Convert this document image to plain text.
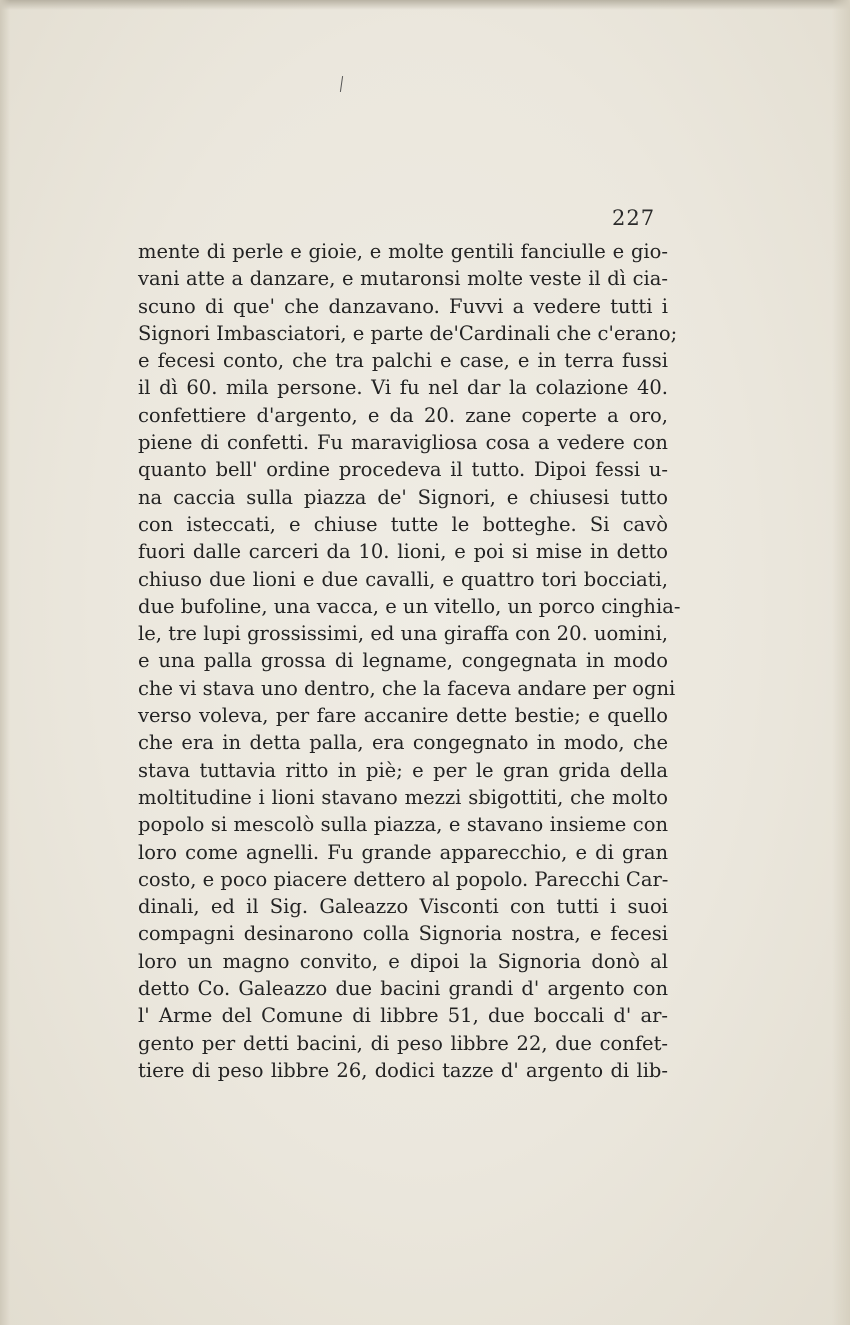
227
mente di perle e gioie, e molte gentili fanciulle e gio-
vani atte a danzare, e mutaronsi molte veste il dì cia-
scuno di que' che danzavano. Fuvvi a vedere tutti i
Signori Imbasciatori, e parte de'Cardinali che c'erano;
e fecesi conto, che tra palchi e case, e in terra fussi
il dì 60. mila persone. Vi fu nel dar la colazione 40.
confettiere d'argento, e da 20. zane coperte a oro,
piene di confetti. Fu maravigliosa cosa a vedere con
quanto bell' ordine procedeva il tutto. Dipoi fessi u-
na caccia sulla piazza de' Signori, e chiusesi tutto
con isteccati, e chiuse tutte le botteghe. Si cavò
fuori dalle carceri da 10. lioni, e poi si mise in detto
chiuso due lioni e due cavalli, e quattro tori bocciati,
due bufoline, una vacca, e un vitello, un porco cinghia-
le, tre lupi grossissimi, ed una giraffa con 20. uomini,
e una palla grossa di legname, congegnata in modo
che vi stava uno dentro, che la faceva andare per ogni
verso voleva, per fare accanire dette bestie; e quello
che era in detta palla, era congegnato in modo, che
stava tuttavia ritto in piè; e per le gran grida della
moltitudine i lioni stavano mezzi sbigottiti, che molto
popolo si mescolò sulla piazza, e stavano insieme con
loro come agnelli. Fu grande apparecchio, e di gran
costo, e poco piacere dettero al popolo. Parecchi Car-
dinali, ed il Sig. Galeazzo Visconti con tutti i suoi
compagni desinarono colla Signoria nostra, e fecesi
loro un magno convito, e dipoi la Signoria donò al
detto Co. Galeazzo due bacini grandi d' argento con
l' Arme del Comune di libbre 51, due boccali d' ar-
gento per detti bacini, di peso libbre 22, due confet-
tiere di peso libbre 26, dodici tazze d' argento di lib-
